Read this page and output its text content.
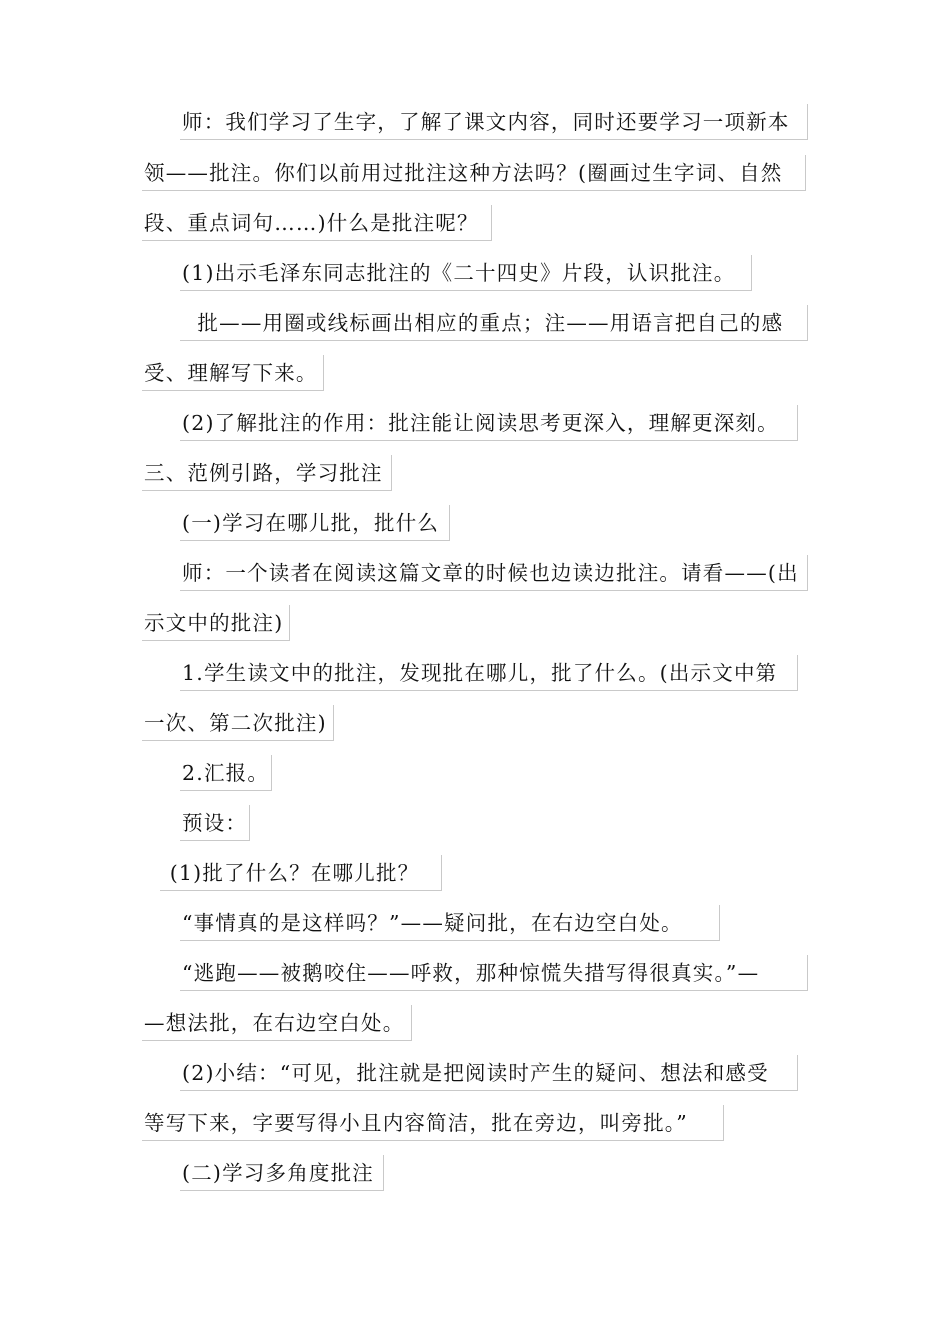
师：我们学习了生字，了解了课文内容，同时还要学习一项新本
领——批注。你们以前用过批注这种方法吗？(圈画过生字词、自然
段、重点词句……)什么是批注呢？
(1)出示毛泽东同志批注的《二十四史》片段，认识批注。
批——用圈或线标画出相应的重点；注——用语言把自己的感
受、理解写下来。
(2)了解批注的作用：批注能让阅读思考更深入，理解更深刻。
三、范例引路，学习批注
(一)学习在哪儿批，批什么
师：一个读者在阅读这篇文章的时候也边读边批注。请看——(出
示文中的批注)
1.学生读文中的批注，发现批在哪儿，批了什么。(出示文中第
一次、第二次批注)
2.汇报。
预设：
(1)批了什么？在哪儿批？
“事情真的是这样吗？”——疑问批，在右边空白处。
“逃跑——被鹅咬住——呼救，那种惊慌失措写得很真实。”—
—想法批，在右边空白处。
(2)小结：“可见，批注就是把阅读时产生的疑问、想法和感受
等写下来，字要写得小且内容简洁，批在旁边，叫旁批。”
(二)学习多角度批注
